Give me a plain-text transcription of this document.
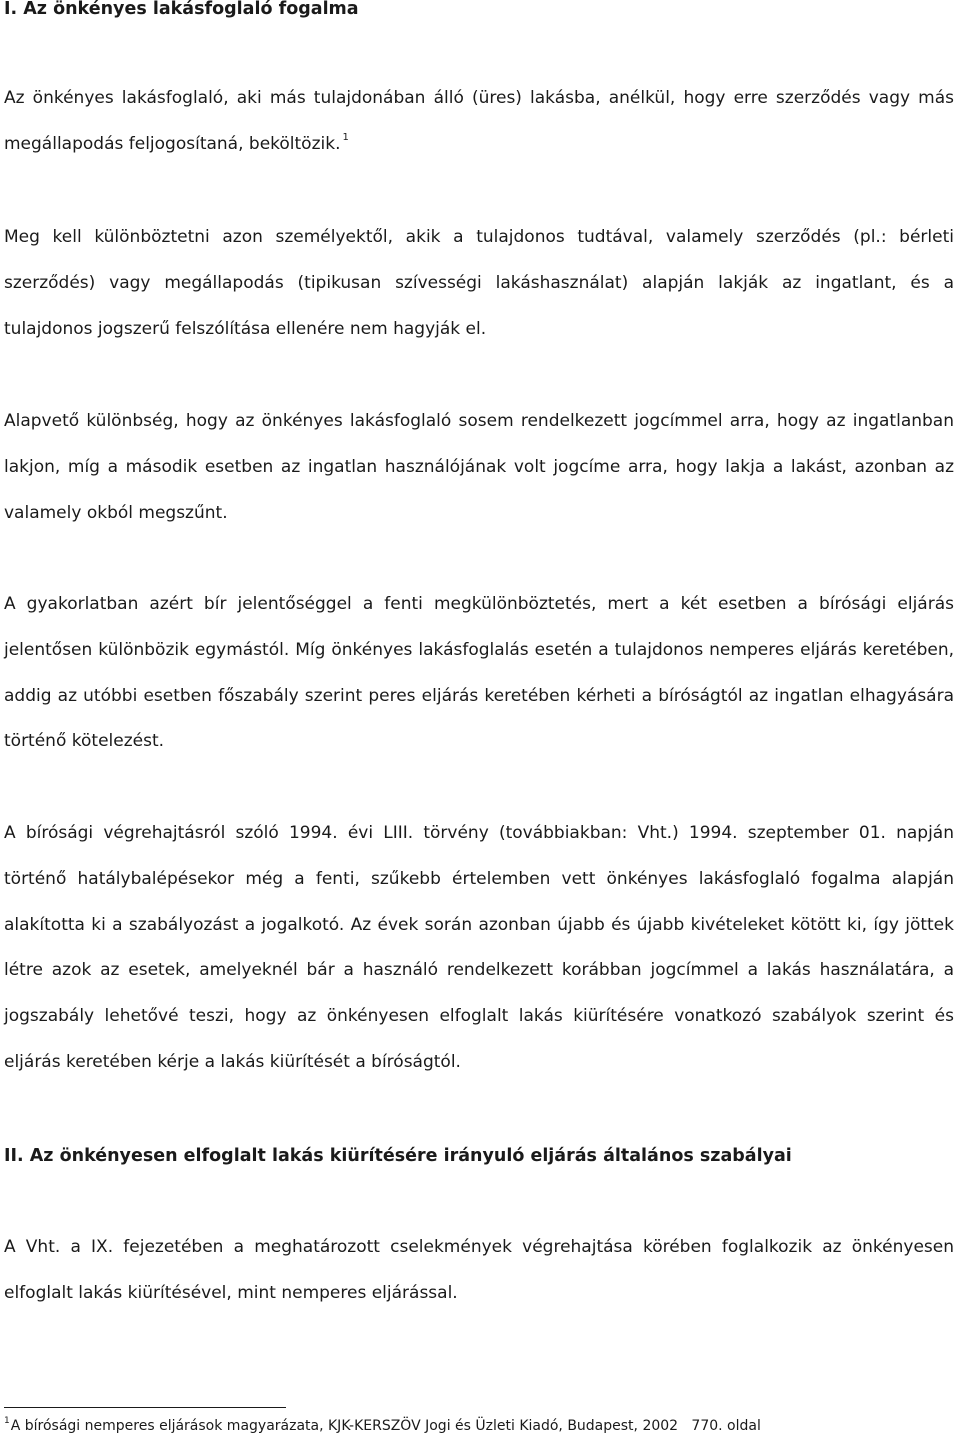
I. Az önkényes lakásfoglaló fogalma

Az önkényes lakásfoglaló, aki más tulajdonában álló (üres) lakásba, anélkül, hogy erre szerződés vagy más megállapodás feljogosítaná, beköltözik. $^1$

Meg kell különböztetni azon személyektől, akik a tulajdonos tudtával, valamely szerződés (pl.: bérleti szerződés) vagy megállapodás (tipikusan szívességi lakáshasználat) alapján lakják az ingatlant, és a tulajdonos jogszerű felszólítása ellenére nem hagyják el.

Alapvető különbség, hogy az önkényes lakásfoglaló sosem rendelkezett jogcímmel arra, hogy az ingatlanban lakjon, míg a második esetben az ingatlan használójának volt jogcíme arra, hogy lakja a lakást, azonban az valamely okból megszűnt.

A gyakorlatban azért bír jelentőséggel a fenti megkülönböztetés, mert a két esetben a bírósági eljárás jelentősen különbözik egymástól. Míg önkényes lakásfoglalás esetén a tulajdonos nemperes eljárás keretében, addig az utóbbi esetben főszabály szerint peres eljárás keretében kérheti a bíróságtól az ingatlan elhagyására történő kötelezést.

A bírósági végrehajtásról szóló 1994. évi LIII. törvény (továbbiakban: Vht.) 1994. szeptember 01. napján történő hatálybalépésekor még a fenti, szűkebb értelemben vett önkényes lakásfoglaló fogalma alapján alakította ki a szabályozást a jogalkotó. Az évek során azonban újabb és újabb kivételeket kötött ki, így jöttek létre azok az esetek, amelyeknél bár a használó rendelkezett korábban jogcímmel a lakás használatára, a jogszabály lehetővé teszi, hogy az önkényesen elfoglalt lakás kiürítésére vonatkozó szabályok szerint és eljárás keretében kérje a lakás kiürítését a bíróságtól.

II. Az önkényesen elfoglalt lakás kiürítésére irányuló eljárás általános szabályai

A Vht. a IX. fejezetében a meghatározott cselekmények végrehajtása körében foglalkozik az önkényesen elfoglalt lakás kiürítésével, mint nemperes eljárással.

$^1$A bírósági nemperes eljárások magyarázata, KJK-KERSZÖV Jogi és Üzleti Kiadó, Budapest, 2002   770. oldal
